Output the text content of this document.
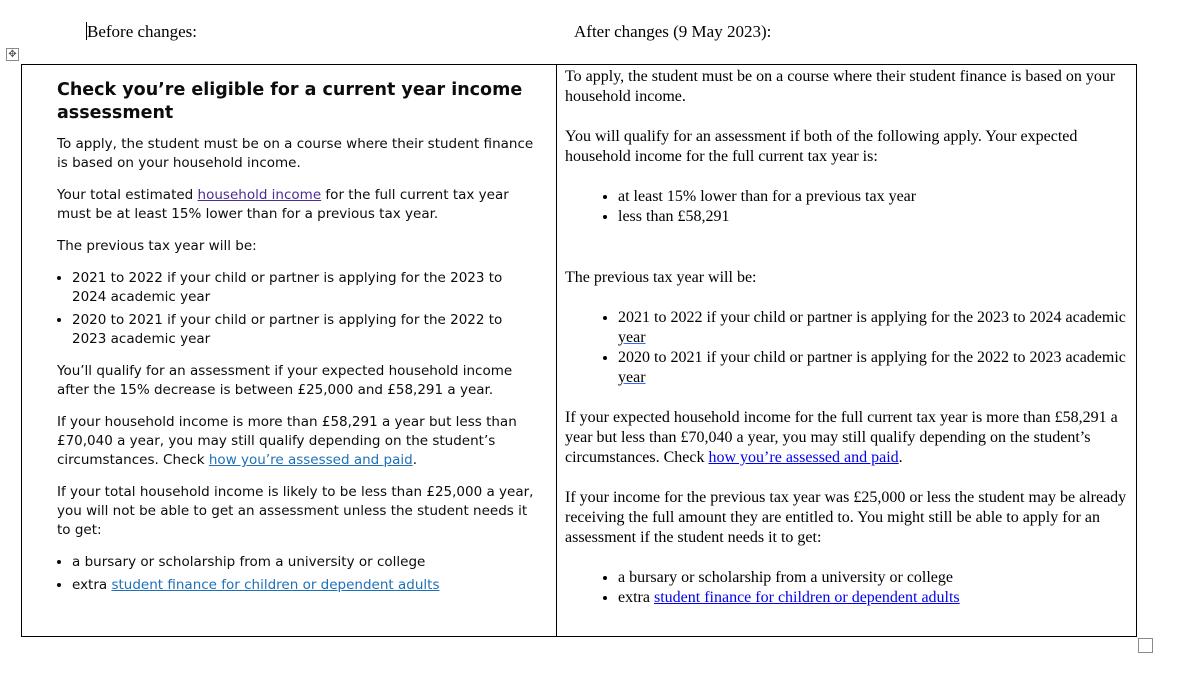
Before changes:	After changes (9 May 2023):
✥
Check you’re eligible for a current year income assessment

To apply, the student must be on a course where their student finance is based on your household income.

Your total estimated household income for the full current tax year must be at least 15% lower than for a previous tax year.

The previous tax year will be:

• 2021 to 2022 if your child or partner is applying for the 2023 to 2024 academic year
• 2020 to 2021 if your child or partner is applying for the 2022 to 2023 academic year

You’ll qualify for an assessment if your expected household income after the 15% decrease is between £25,000 and £58,291 a year.

If your household income is more than £58,291 a year but less than £70,040 a year, you may still qualify depending on the student’s circumstances. Check how you’re assessed and paid.

If your total household income is likely to be less than £25,000 a year, you will not be able to get an assessment unless the student needs it to get:

• a bursary or scholarship from a university or college
• extra student finance for children or dependent adults

To apply, the student must be on a course where their student finance is based on your household income.

You will qualify for an assessment if both of the following apply. Your expected household income for the full current tax year is:

• at least 15% lower than for a previous tax year
• less than £58,291

The previous tax year will be:

• 2021 to 2022 if your child or partner is applying for the 2023 to 2024 academic year
• 2020 to 2021 if your child or partner is applying for the 2022 to 2023 academic year

If your expected household income for the full current tax year is more than £58,291 a year but less than £70,040 a year, you may still qualify depending on the student’s circumstances. Check how you’re assessed and paid.

If your income for the previous tax year was £25,000 or less the student may be already receiving the full amount they are entitled to. You might still be able to apply for an assessment if the student needs it to get:

• a bursary or scholarship from a university or college
• extra student finance for children or dependent adults
